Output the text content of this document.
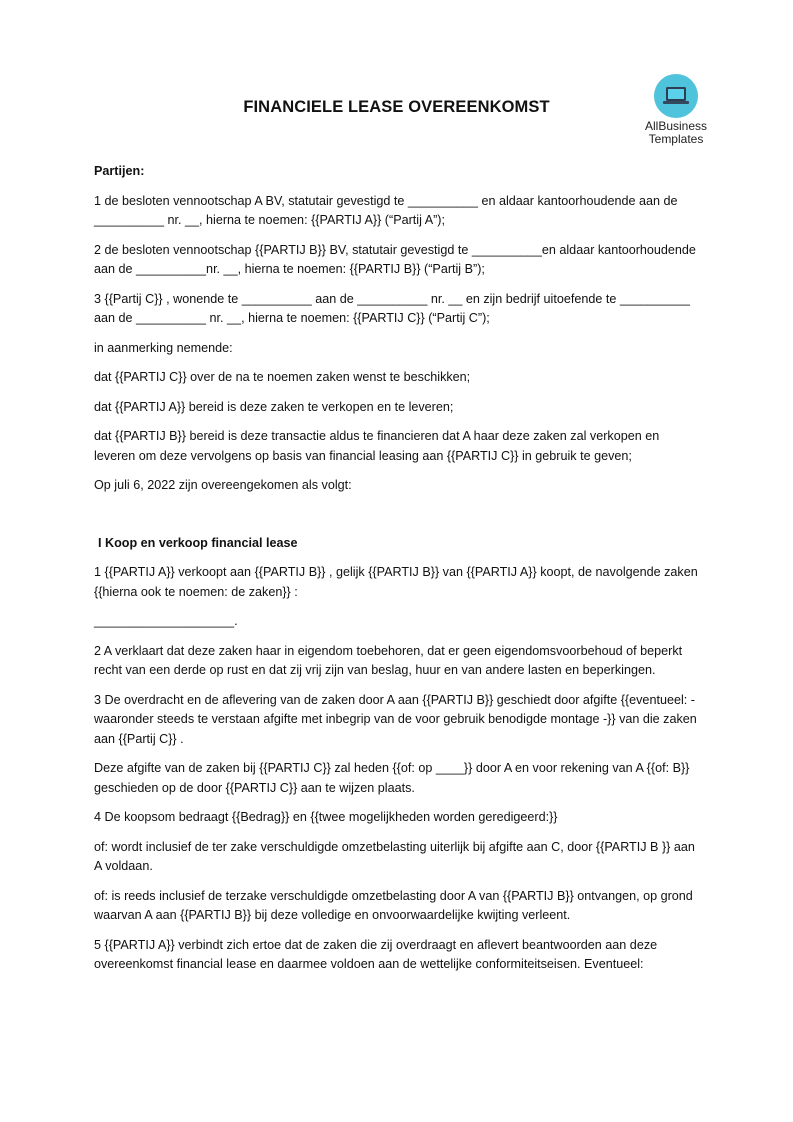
AllBusiness
Templates
FINANCIELE LEASE OVEREENKOMST

Partijen:

1 de besloten vennootschap A BV, statutair gevestigd te __________ en aldaar kantoorhoudende aan de __________ nr. __, hierna te noemen: {{PARTIJ A}} (“Partij A”);

2 de besloten vennootschap {{PARTIJ B}} BV, statutair gevestigd te __________en aldaar kantoorhoudende aan de __________nr. __, hierna te noemen: {{PARTIJ B}} (“Partij B”);

3 {{Partij C}} , wonende te __________ aan de __________ nr. __ en zijn bedrijf uitoefende te __________ aan de __________ nr. __, hierna te noemen: {{PARTIJ C}} (“Partij C”);

in aanmerking nemende:

dat {{PARTIJ C}} over de na te noemen zaken wenst te beschikken;

dat {{PARTIJ A}} bereid is deze zaken te verkopen en te leveren;

dat {{PARTIJ B}} bereid is deze transactie aldus te financieren dat A haar deze zaken zal verkopen en leveren om deze vervolgens op basis van financial leasing aan {{PARTIJ C}} in gebruik te geven;

Op juli 6, 2022 zijn overeengekomen als volgt:

I Koop en verkoop financial lease

1 {{PARTIJ A}} verkoopt aan {{PARTIJ B}} , gelijk {{PARTIJ B}} van {{PARTIJ A}} koopt, de navolgende zaken {{hierna ook te noemen: de zaken}} :

____________________.

2 A verklaart dat deze zaken haar in eigendom toebehoren, dat er geen eigendomsvoorbehoud of beperkt recht van een derde op rust en dat zij vrij zijn van beslag, huur en van andere lasten en beperkingen.

3 De overdracht en de aflevering van de zaken door A aan {{PARTIJ B}} geschiedt door afgifte {{eventueel: - waaronder steeds te verstaan afgifte met inbegrip van de voor gebruik benodigde montage -}} van die zaken aan {{Partij C}} .

Deze afgifte van de zaken bij {{PARTIJ C}} zal heden {{of: op ____}} door A en voor rekening van A {{of: B}} geschieden op de door {{PARTIJ C}} aan te wijzen plaats.

4 De koopsom bedraagt {{Bedrag}} en {{twee mogelijkheden worden geredigeerd:}}

of: wordt inclusief de ter zake verschuldigde omzetbelasting uiterlijk bij afgifte aan C, door {{PARTIJ B }} aan A voldaan.

of: is reeds inclusief de terzake verschuldigde omzetbelasting door A van {{PARTIJ B}} ontvangen, op grond waarvan A aan {{PARTIJ B}} bij deze volledige en onvoorwaardelijke kwijting verleent.

5 {{PARTIJ A}} verbindt zich ertoe dat de zaken die zij overdraagt en aflevert beantwoorden aan deze overeenkomst financial lease en daarmee voldoen aan de wettelijke conformiteitseisen. Eventueel:
